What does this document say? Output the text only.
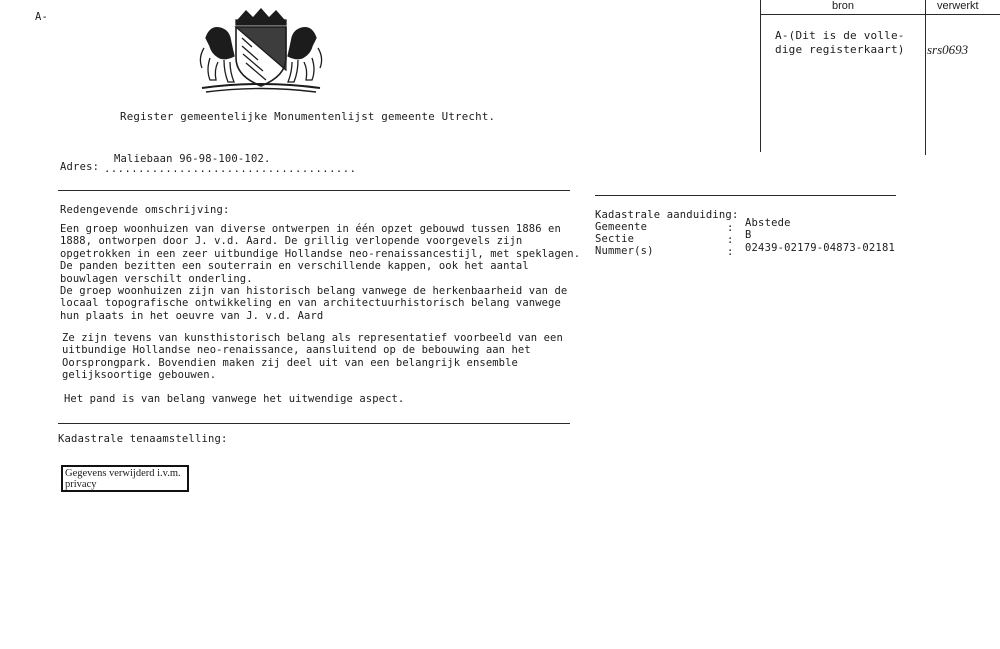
A-
Register gemeentelijke Monumentenlijst gemeente Utrecht.
bron	verwerkt
A-(Dit is de volle-
dige registerkaart) srs0693
Maliebaan 96-98-100-102.
Adres: .....................................
Redengevende omschrijving:
Een groep woonhuizen van diverse ontwerpen in één opzet gebouwd tussen 1886 en
1888, ontworpen door J. v.d. Aard. De grillig verlopende voorgevels zijn
opgetrokken in een zeer uitbundige Hollandse neo-renaissancestijl, met speklagen.
De panden bezitten een souterrain en verschillende kappen, ook het aantal
bouwlagen verschilt onderling.
De groep woonhuizen zijn van historisch belang vanwege de herkenbaarheid van de
locaal topografische ontwikkeling en van architectuurhistorisch belang vanwege
hun plaats in het oeuvre van J. v.d. Aard
Ze zijn tevens van kunsthistorisch belang als representatief voorbeeld van een
uitbundige Hollandse neo-renaissance, aansluitend op de bebouwing aan het
Oorsprongpark. Bovendien maken zij deel uit van een belangrijk ensemble
gelijksoortige gebouwen.
Het pand is van belang vanwege het uitwendige aspect.
Kadastrale aanduiding:
Gemeente	: Abstede
Sectie	: B
Nummer(s)	: 02439-02179-04873-02181
Kadastrale tenaamstelling:
Gegevens verwijderd i.v.m.
privacy
